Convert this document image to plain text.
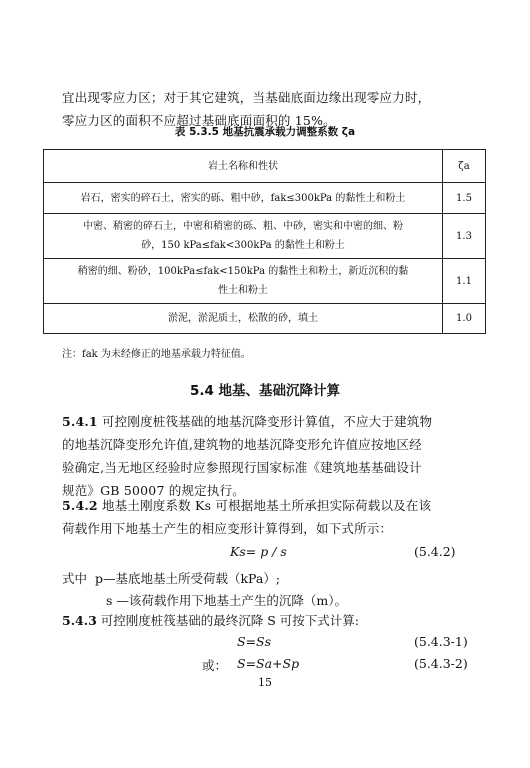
宜出现零应力区；对于其它建筑，当基础底面边缘出现零应力时，
零应力区的面积不应超过基础底面面积的 15%。
表 5.3.5 地基抗震承载力调整系数 ζa
岩土名称和性状	ζa

岩石，密实的碎石土，密实的砾、粗中砂，fak≤300kPa 的黏性土和粉土	1.5

中密、稍密的碎石土，中密和稍密的砾、粗、中砂，密实和中密的细、粉
砂，150 kPa≤fak<300kPa 的黏性土和粉土	1.3

稍密的细、粉砂，100kPa≤fak<150kPa 的黏性土和粉土，新近沉积的黏
性土和粉土	1.1

淤泥，淤泥质土，松散的砂，填土	1.0
注：fak 为未经修正的地基承载力特征值。
5.4 地基、基础沉降计算
5.4.1 可控刚度桩筏基础的地基沉降变形计算值，不应大于建筑物
的地基沉降变形允许值,建筑物的地基沉降变形允许值应按地区经
验确定,当无地区经验时应参照现行国家标准《建筑地基基础设计
规范》GB 50007 的规定执行。
5.4.2 地基土刚度系数 Ks 可根据地基土所承担实际荷载以及在该
荷载作用下地基土产生的相应变形计算得到，如下式所示：
Ks= p / s	(5.4.2)
式中 p—基底地基土所受荷载（kPa）;
s —该荷载作用下地基土产生的沉降（m）。
5.4.3 可控刚度桩筏基础的最终沉降 S 可按下式计算:
S=Ss	(5.4.3-1)
或： S=Sa+Sp	(5.4.3-2)
15
